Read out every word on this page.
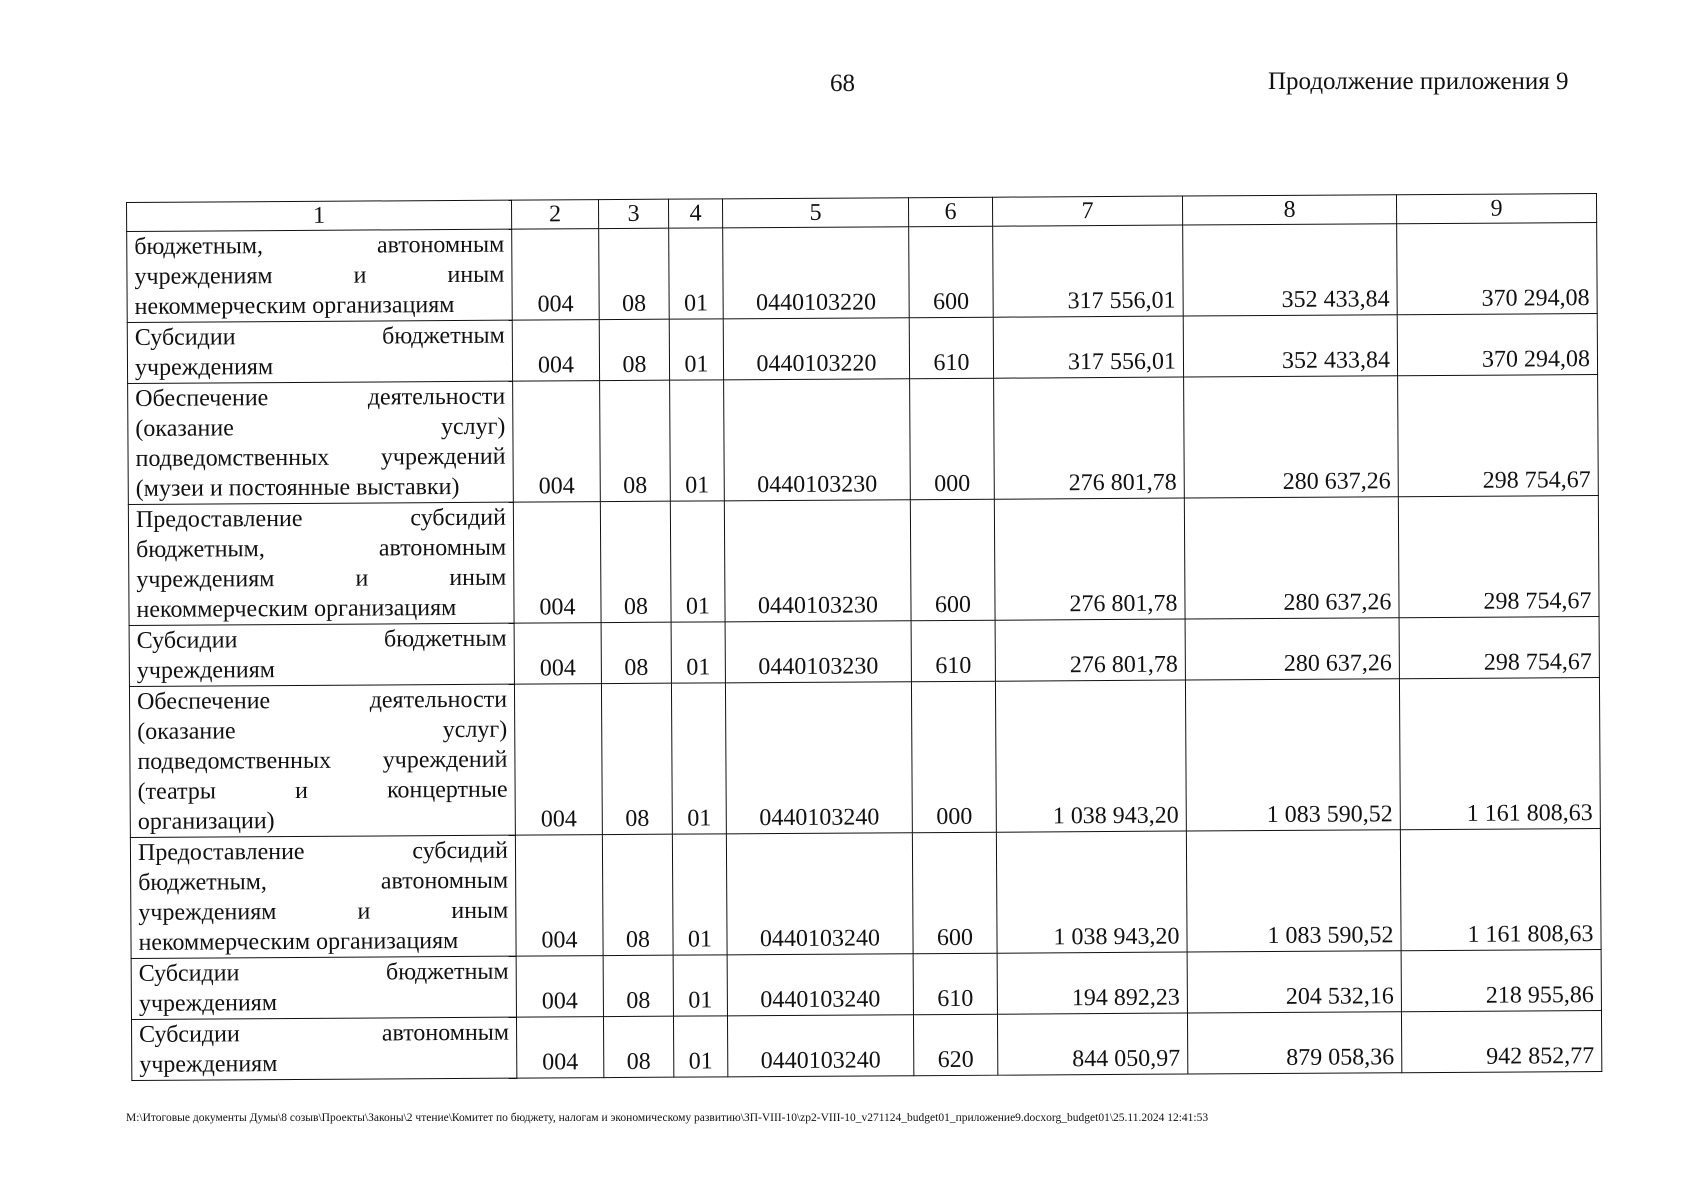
68	Продолжение приложения 9
1	2	3	4	5	6	7	8	9

бюджетным, автономным
учреждениям и иным
некоммерческим организациям	004	08	01	0440103220	600	317 556,01	352 433,84	370 294,08

Субсидии бюджетным
учреждениям	004	08	01	0440103220	610	317 556,01	352 433,84	370 294,08

Обеспечение деятельности
(оказание услуг)
подведомственных учреждений
(музеи и постоянные выставки)	004	08	01	0440103230	000	276 801,78	280 637,26	298 754,67

Предоставление субсидий
бюджетным, автономным
учреждениям и иным
некоммерческим организациям	004	08	01	0440103230	600	276 801,78	280 637,26	298 754,67

Субсидии бюджетным
учреждениям	004	08	01	0440103230	610	276 801,78	280 637,26	298 754,67

Обеспечение деятельности
(оказание услуг)
подведомственных учреждений
(театры и концертные
организации)	004	08	01	0440103240	000	1 038 943,20	1 083 590,52	1 161 808,63

Предоставление субсидий
бюджетным, автономным
учреждениям и иным
некоммерческим организациям	004	08	01	0440103240	600	1 038 943,20	1 083 590,52	1 161 808,63

Субсидии бюджетным
учреждениям	004	08	01	0440103240	610	194 892,23	204 532,16	218 955,86

Субсидии автономным
учреждениям	004	08	01	0440103240	620	844 050,97	879 058,36	942 852,77
M:\Итоговые документы Думы\8 созыв\Проекты\Законы\2 чтение\Комитет по бюджету, налогам и экономическому развитию\ЗП-VIII-10\zp2-VIII-10_v271124_budget01_приложение9.docxorg_budget01\25.11.2024 12:41:53
